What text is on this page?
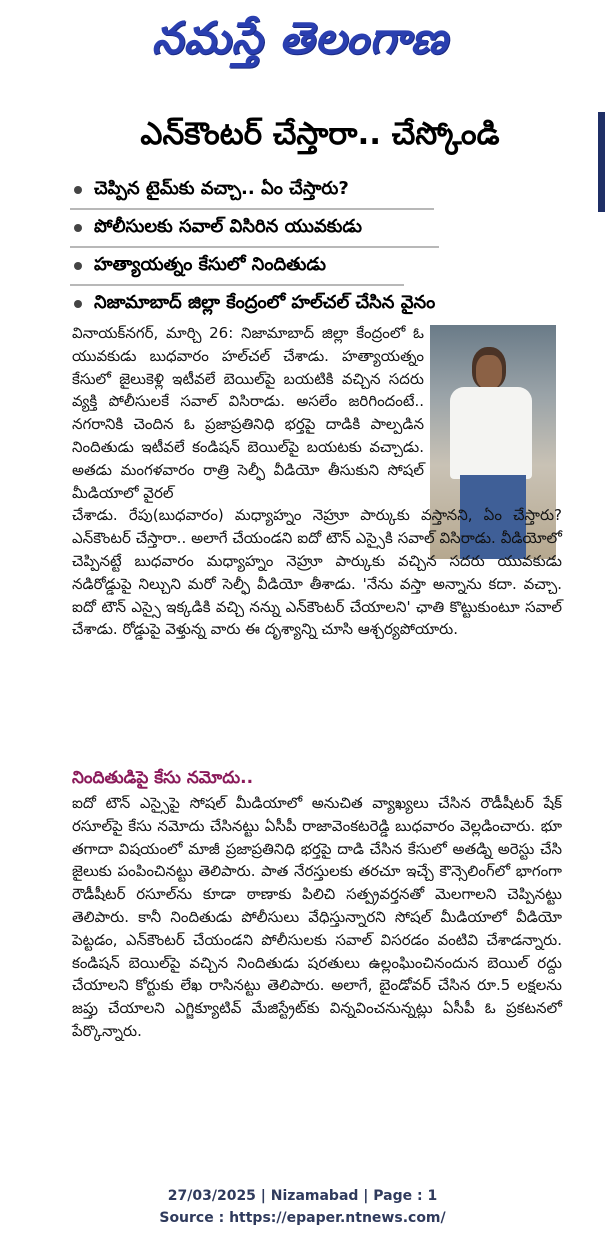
నమస్తే తెలంగాణ
ఎన్‌కౌంటర్ చేస్తారా.. చేస్కోండి
చెప్పిన టైమ్‌కు వచ్చా.. ఏం చేస్తారు?
పోలీసులకు సవాల్ విసిరిన యువకుడు
హత్యాయత్నం కేసులో నిందితుడు
నిజామాబాద్ జిల్లా కేంద్రంలో హల్‌చల్ చేసిన వైనం

వినాయక్‌నగర్, మార్చి 26: నిజామాబాద్ జిల్లా కేంద్రంలో ఓ యువకుడు బుధవారం హల్‌చల్ చేశాడు. హత్యాయత్నం కేసులో జైలుకెళ్లి ఇటీవలే బెయిల్‌పై బయటికి వచ్చిన సదరు వ్యక్తి పోలీసులకే సవాల్ విసిరాడు. అసలేం జరిగిందంటే.. నగరానికి చెందిన ఓ ప్రజాప్రతినిధి భర్తపై దాడికి పాల్పడిన నిందితుడు ఇటీవలే కండిషన్ బెయిల్‌పై బయటకు వచ్చాడు. అతడు మంగళవారం రాత్రి సెల్ఫీ వీడియో తీసుకుని సోషల్ మీడియాలో వైరల్

చేశాడు. రేపు(బుధవారం) మధ్యాహ్నం నెహ్రూ పార్కుకు వస్తానని, ఏం చేస్తారు? ఎన్‌కౌంటర్ చేస్తారా.. అలాగే చేయండని ఐదో టౌన్ ఎస్సైకి సవాల్ విసిరాడు. వీడియోలో చెప్పినట్టే బుధవారం మధ్యాహ్నం నెహ్రూ పార్కుకు వచ్చిన సదరు యువకుడు నడిరోడ్డుపై నిల్చుని మరో సెల్ఫీ వీడియో తీశాడు. 'నేను వస్తా అన్నాను కదా. వచ్చా. ఐదో టౌన్ ఎస్సై ఇక్కడికి వచ్చి నన్ను ఎన్‌కౌంటర్ చేయాలని' ఛాతి కొట్టుకుంటూ సవాల్ చేశాడు. రోడ్డుపై వెళ్తున్న వారు ఈ దృశ్యాన్ని చూసి ఆశ్చర్యపోయారు.

నిందితుడిపై కేసు నమోదు..

ఐదో టౌన్ ఎస్సైపై సోషల్ మీడియాలో అనుచిత వ్యాఖ్యలు చేసిన రౌడీషీటర్ షేక్ రసూల్‌పై కేసు నమోదు చేసినట్టు ఏసీపీ రాజావెంకటరెడ్డి బుధవారం వెల్లడించారు. భూ తగాదా విషయంలో మాజీ ప్రజాప్రతినిధి భర్తపై దాడి చేసిన కేసులో అతడ్ని అరెస్టు చేసి జైలుకు పంపించినట్టు తెలిపారు. పాత నేరస్తులకు తరచూ ఇచ్చే కౌన్సెలింగ్‌లో భాగంగా రౌడీషీటర్ రసూల్‌ను కూడా ఠాణాకు పిలిచి సత్ప్రవర్తనతో మెలగాలని చెప్పినట్టు తెలిపారు. కానీ నిందితుడు పోలీసులు వేధిస్తున్నారని సోషల్ మీడియాలో వీడియో పెట్టడం, ఎన్‌కౌంటర్ చేయండని పోలీసులకు సవాల్ విసరడం వంటివి చేశాడన్నారు. కండిషన్ బెయిల్‌పై వచ్చిన నిందితుడు షరతులు ఉల్లంఘించినందున బెయిల్ రద్దు చేయాలని కోర్టుకు లేఖ రాసినట్టు తెలిపారు. అలాగే, బైండోవర్ చేసిన రూ.5 లక్షలను జప్తు చేయాలని ఎగ్జిక్యూటివ్ మేజిస్ట్రేట్‌కు విన్నవించనున్నట్లు ఏసీపీ ఓ ప్రకటనలో పేర్కొన్నారు.

27/03/2025 | Nizamabad | Page : 1
Source : https://epaper.ntnews.com/
